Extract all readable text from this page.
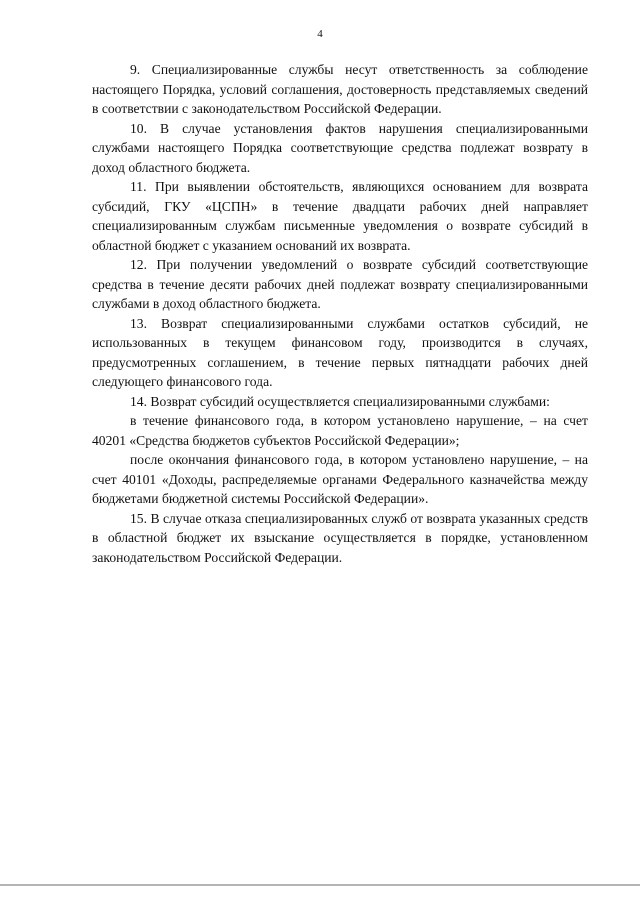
4

9. Специализированные службы несут ответственность за соблюдение настоящего Порядка, условий соглашения, достоверность представляемых сведений в соответствии с законодательством Российской Федерации.

10. В случае установления фактов нарушения специализированными службами настоящего Порядка соответствующие средства подлежат возврату в доход областного бюджета.

11. При выявлении обстоятельств, являющихся основанием для возврата субсидий, ГКУ «ЦСПН» в течение двадцати рабочих дней направляет специализированным службам письменные уведомления о возврате субсидий в областной бюджет с указанием оснований их возврата.

12. При получении уведомлений о возврате субсидий соответствующие средства в течение десяти рабочих дней подлежат возврату специализированными службами в доход областного бюджета.

13. Возврат специализированными службами остатков субсидий, не использованных в текущем финансовом году, производится в случаях, предусмотренных соглашением, в течение первых пятнадцати рабочих дней следующего финансового года.

14. Возврат субсидий осуществляется специализированными службами:

в течение финансового года, в котором установлено нарушение, – на счет 40201 «Средства бюджетов субъектов Российской Федерации»;

после окончания финансового года, в котором установлено нарушение, – на счет 40101 «Доходы, распределяемые органами Федерального казначейства между бюджетами бюджетной системы Российской Федерации».

15. В случае отказа специализированных служб от возврата указанных средств в областной бюджет их взыскание осуществляется в порядке, установленном законодательством Российской Федерации.
